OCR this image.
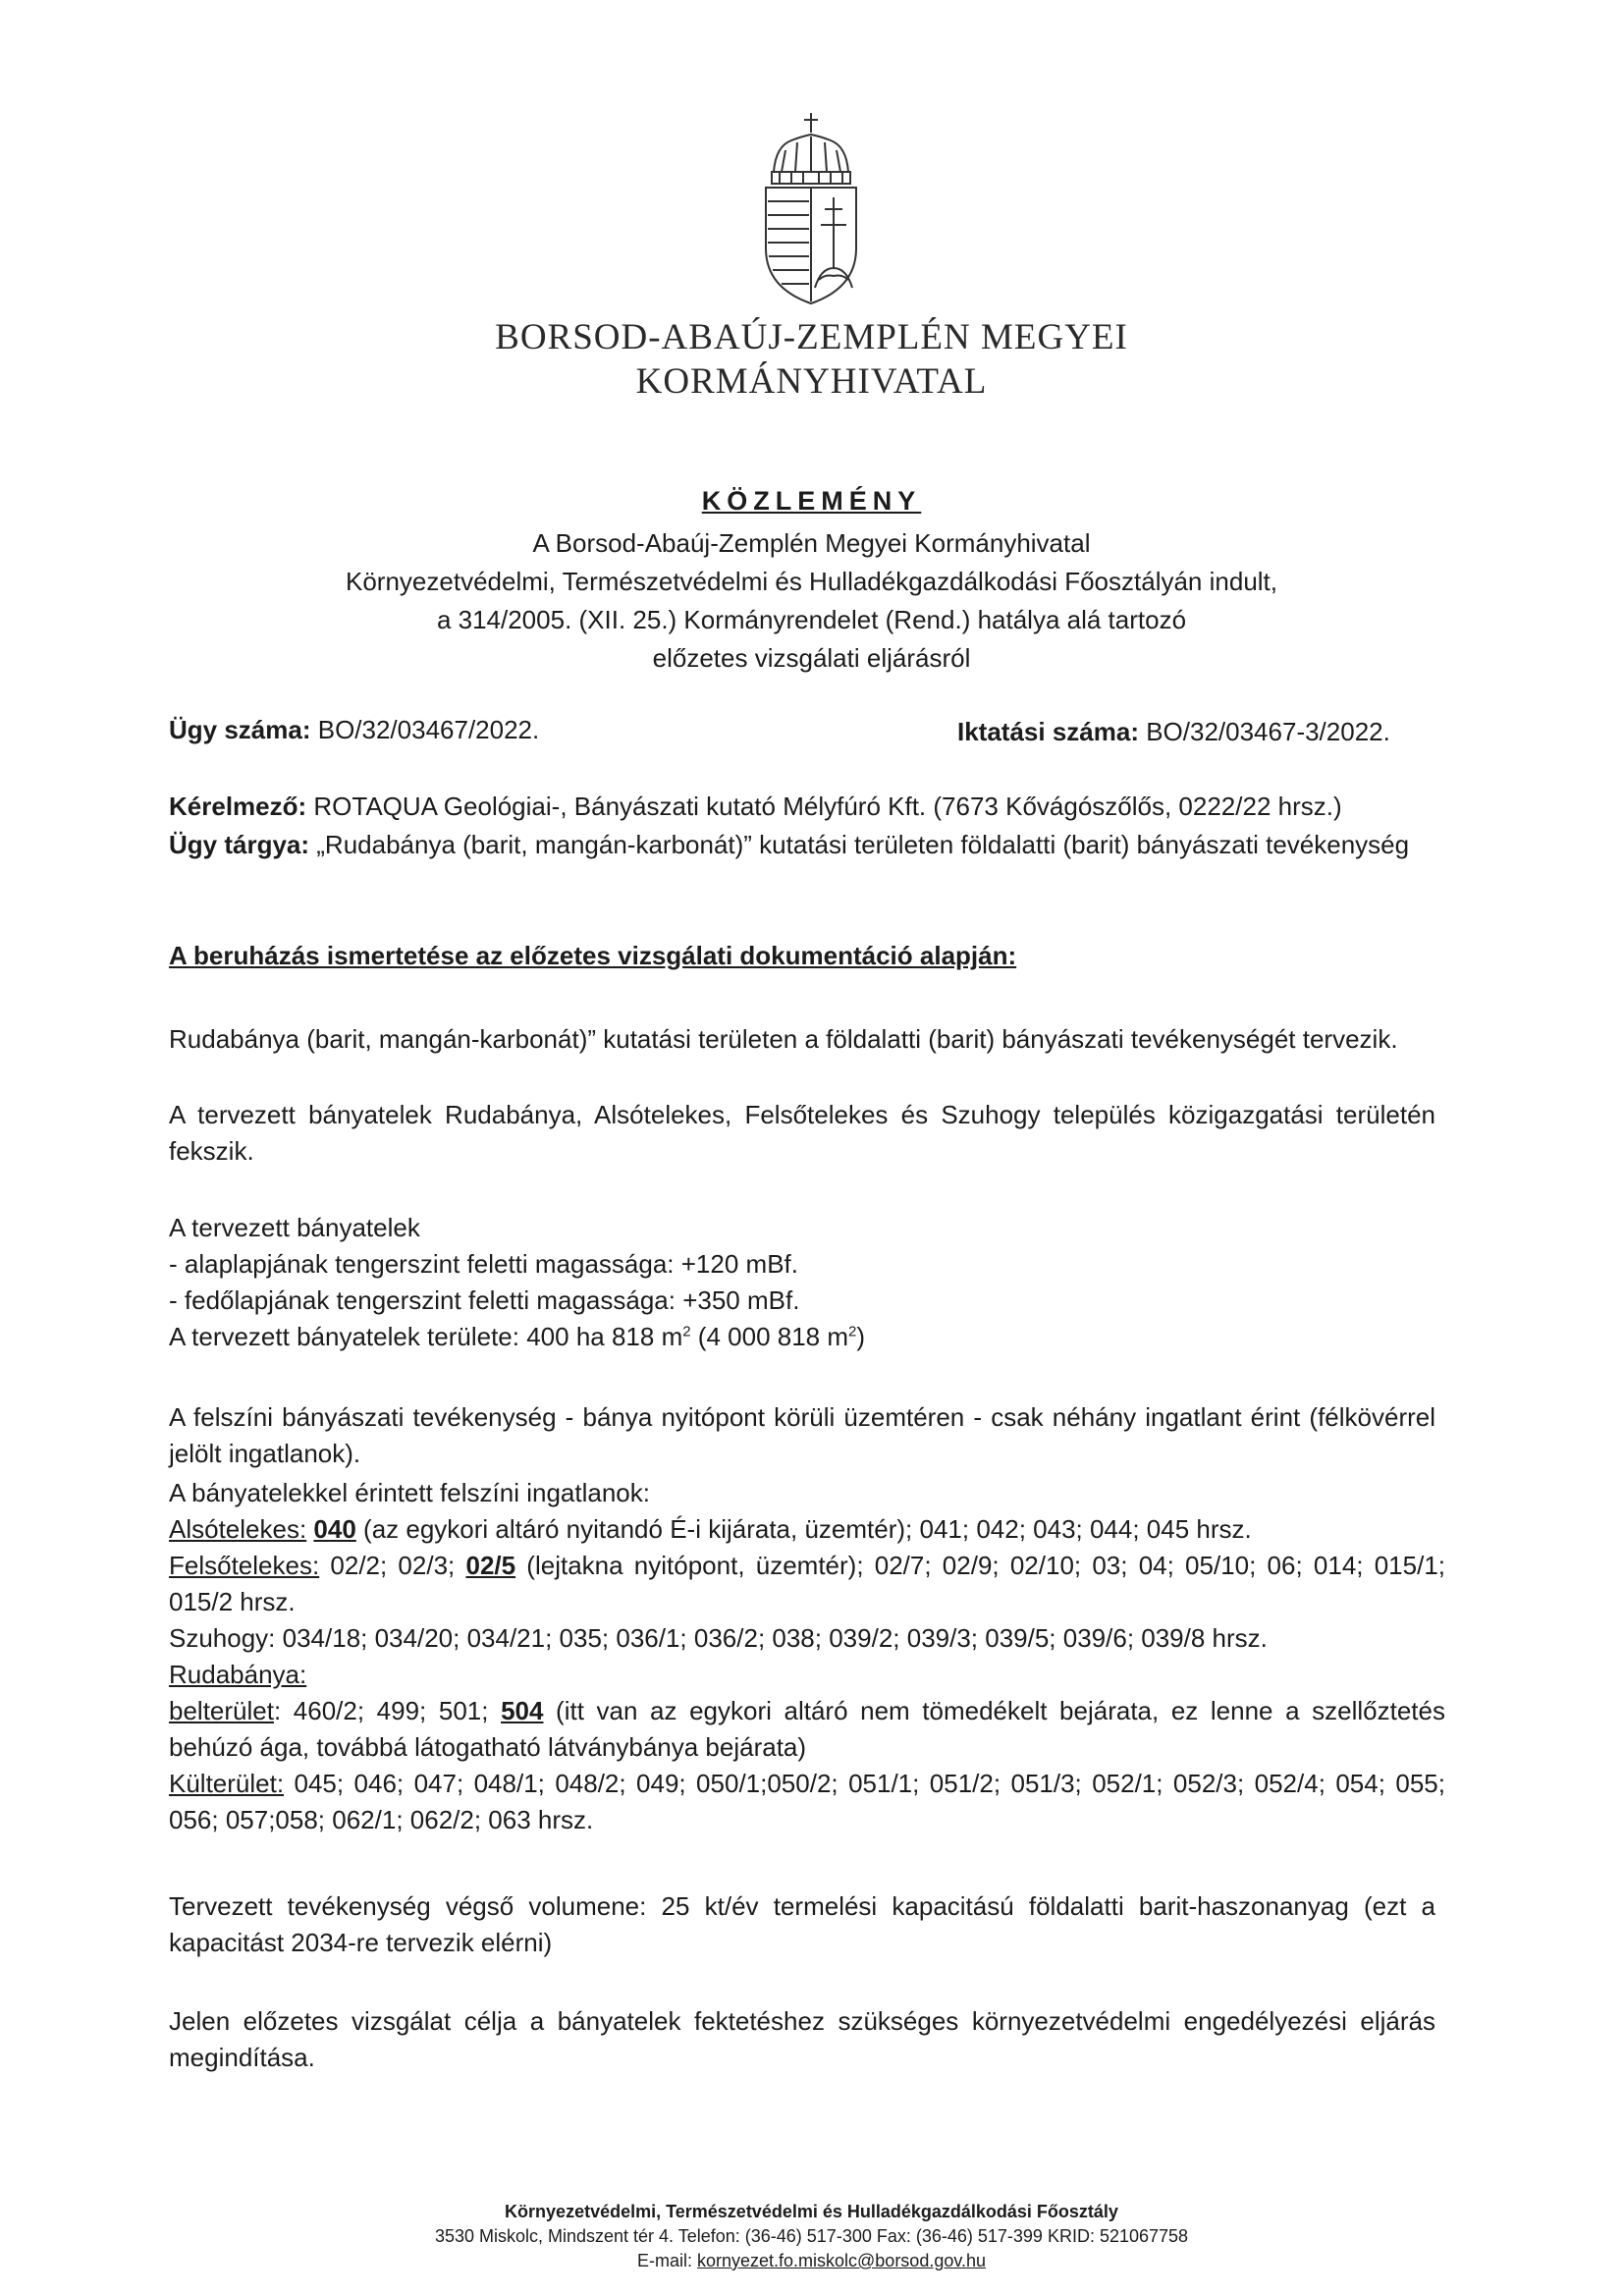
BORSOD-ABAÚJ-ZEMPLÉN MEGYEI
KORMÁNYHIVATAL
KÖZLEMÉNY
A Borsod-Abaúj-Zemplén Megyei Kormányhivatal
Környezetvédelmi, Természetvédelmi és Hulladékgazdálkodási Főosztályán indult,
a 314/2005. (XII. 25.) Kormányrendelet (Rend.) hatálya alá tartozó
előzetes vizsgálati eljárásról
Ügy száma: BO/32/03467/2022.	Iktatási száma: BO/32/03467-3/2022.
Kérelmező: ROTAQUA Geológiai-, Bányászati kutató Mélyfúró Kft. (7673 Kővágószőlős, 0222/22 hrsz.)
Ügy tárgya: „Rudabánya (barit, mangán-karbonát)” kutatási területen földalatti (barit) bányászati tevékenység
A beruházás ismertetése az előzetes vizsgálati dokumentáció alapján:
Rudabánya (barit, mangán-karbonát)” kutatási területen a földalatti (barit) bányászati tevékenységét tervezik.
A tervezett bányatelek Rudabánya, Alsótelekes, Felsőtelekes és Szuhogy település közigazgatási területén fekszik.
A tervezett bányatelek
- alaplapjának tengerszint feletti magassága: +120 mBf.
- fedőlapjának tengerszint feletti magassága: +350 mBf.
A tervezett bányatelek területe: 400 ha 818 $m^2$ (4 000 818 $m^2$)
A felszíni bányászati tevékenység - bánya nyitópont körüli üzemtéren - csak néhány ingatlant érint (félkövérrel jelölt ingatlanok).
A bányatelekkel érintett felszíni ingatlanok:
Alsótelekes: 040 (az egykori altáró nyitandó É-i kijárata, üzemtér); 041; 042; 043; 044; 045 hrsz.
Felsőtelekes: 02/2; 02/3; 02/5 (lejtakna nyitópont, üzemtér); 02/7; 02/9; 02/10; 03; 04; 05/10; 06; 014; 015/1; 015/2 hrsz.
Szuhogy: 034/18; 034/20; 034/21; 035; 036/1; 036/2; 038; 039/2; 039/3; 039/5; 039/6; 039/8 hrsz.
Rudabánya:
belterület: 460/2; 499; 501; 504 (itt van az egykori altáró nem tömedékelt bejárata, ez lenne a szellőztetés behúzó ága, továbbá látogatható látványbánya bejárata)
Külterület: 045; 046; 047; 048/1; 048/2; 049; 050/1;050/2; 051/1; 051/2; 051/3; 052/1; 052/3; 052/4; 054; 055; 056; 057;058; 062/1; 062/2; 063 hrsz.
Tervezett tevékenység végső volumene: 25 kt/év termelési kapacitású földalatti barit-haszonanyag (ezt a kapacitást 2034-re tervezik elérni)
Jelen előzetes vizsgálat célja a bányatelek fektetéshez szükséges környezetvédelmi engedélyezési eljárás megindítása.
Környezetvédelmi, Természetvédelmi és Hulladékgazdálkodási Főosztály
3530 Miskolc, Mindszent tér 4. Telefon: (36-46) 517-300 Fax: (36-46) 517-399 KRID: 521067758
E-mail: kornyezet.fo.miskolc@borsod.gov.hu
